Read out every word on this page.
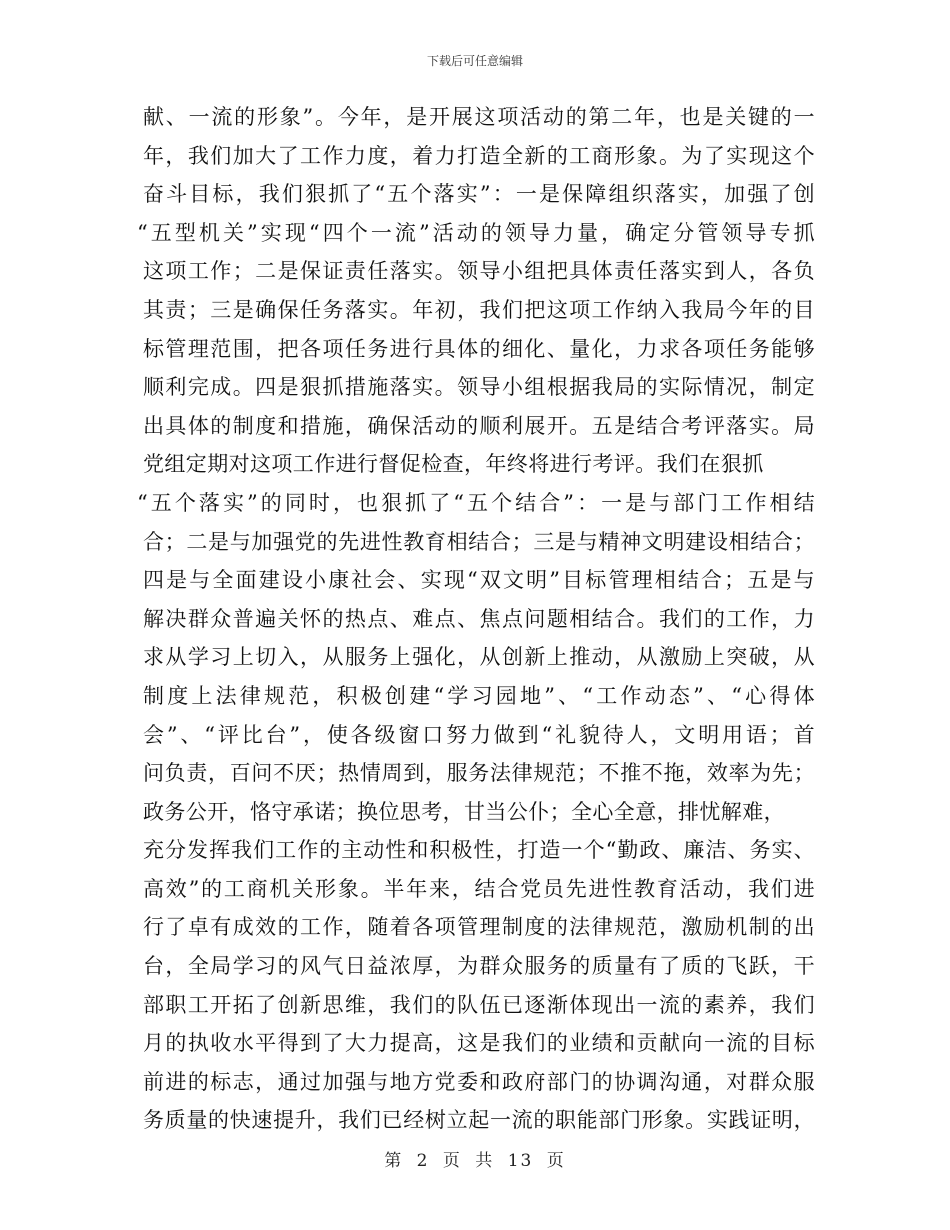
下载后可任意编辑
献、一流的形象”。今年，是开展这项活动的第二年，也是关键的一
年，我们加大了工作力度，着力打造全新的工商形象。为了实现这个
奋斗目标，我们狠抓了“五个落实”：一是保障组织落实，加强了创
“五型机关”实现“四个一流”活动的领导力量，确定分管领导专抓
这项工作；二是保证责任落实。领导小组把具体责任落实到人，各负
其责；三是确保任务落实。年初，我们把这项工作纳入我局今年的目
标管理范围，把各项任务进行具体的细化、量化，力求各项任务能够
顺利完成。四是狠抓措施落实。领导小组根据我局的实际情况，制定
出具体的制度和措施，确保活动的顺利展开。五是结合考评落实。局
党组定期对这项工作进行督促检查，年终将进行考评。我们在狠抓
“五个落实”的同时，也狠抓了“五个结合”：一是与部门工作相结
合；二是与加强党的先进性教育相结合；三是与精神文明建设相结合；
四是与全面建设小康社会、实现“双文明”目标管理相结合；五是与
解决群众普遍关怀的热点、难点、焦点问题相结合。我们的工作，力
求从学习上切入，从服务上强化，从创新上推动，从激励上突破，从
制度上法律规范，积极创建“学习园地”、“工作动态”、“心得体
会”、“评比台”，使各级窗口努力做到“礼貌待人，文明用语；首
问负责，百问不厌；热情周到，服务法律规范；不推不拖，效率为先；
政务公开，恪守承诺；换位思考，甘当公仆；全心全意，排忧解难，
充分发挥我们工作的主动性和积极性，打造一个“勤政、廉洁、务实、
高效”的工商机关形象。半年来，结合党员先进性教育活动，我们进
行了卓有成效的工作，随着各项管理制度的法律规范，激励机制的出
台，全局学习的风气日益浓厚，为群众服务的质量有了质的飞跃，干
部职工开拓了创新思维，我们的队伍已逐渐体现出一流的素养，我们
月的执收水平得到了大力提高，这是我们的业绩和贡献向一流的目标
前进的标志，通过加强与地方党委和政府部门的协调沟通，对群众服
务质量的快速提升，我们已经树立起一流的职能部门形象。实践证明，
第 2 页 共 13 页
